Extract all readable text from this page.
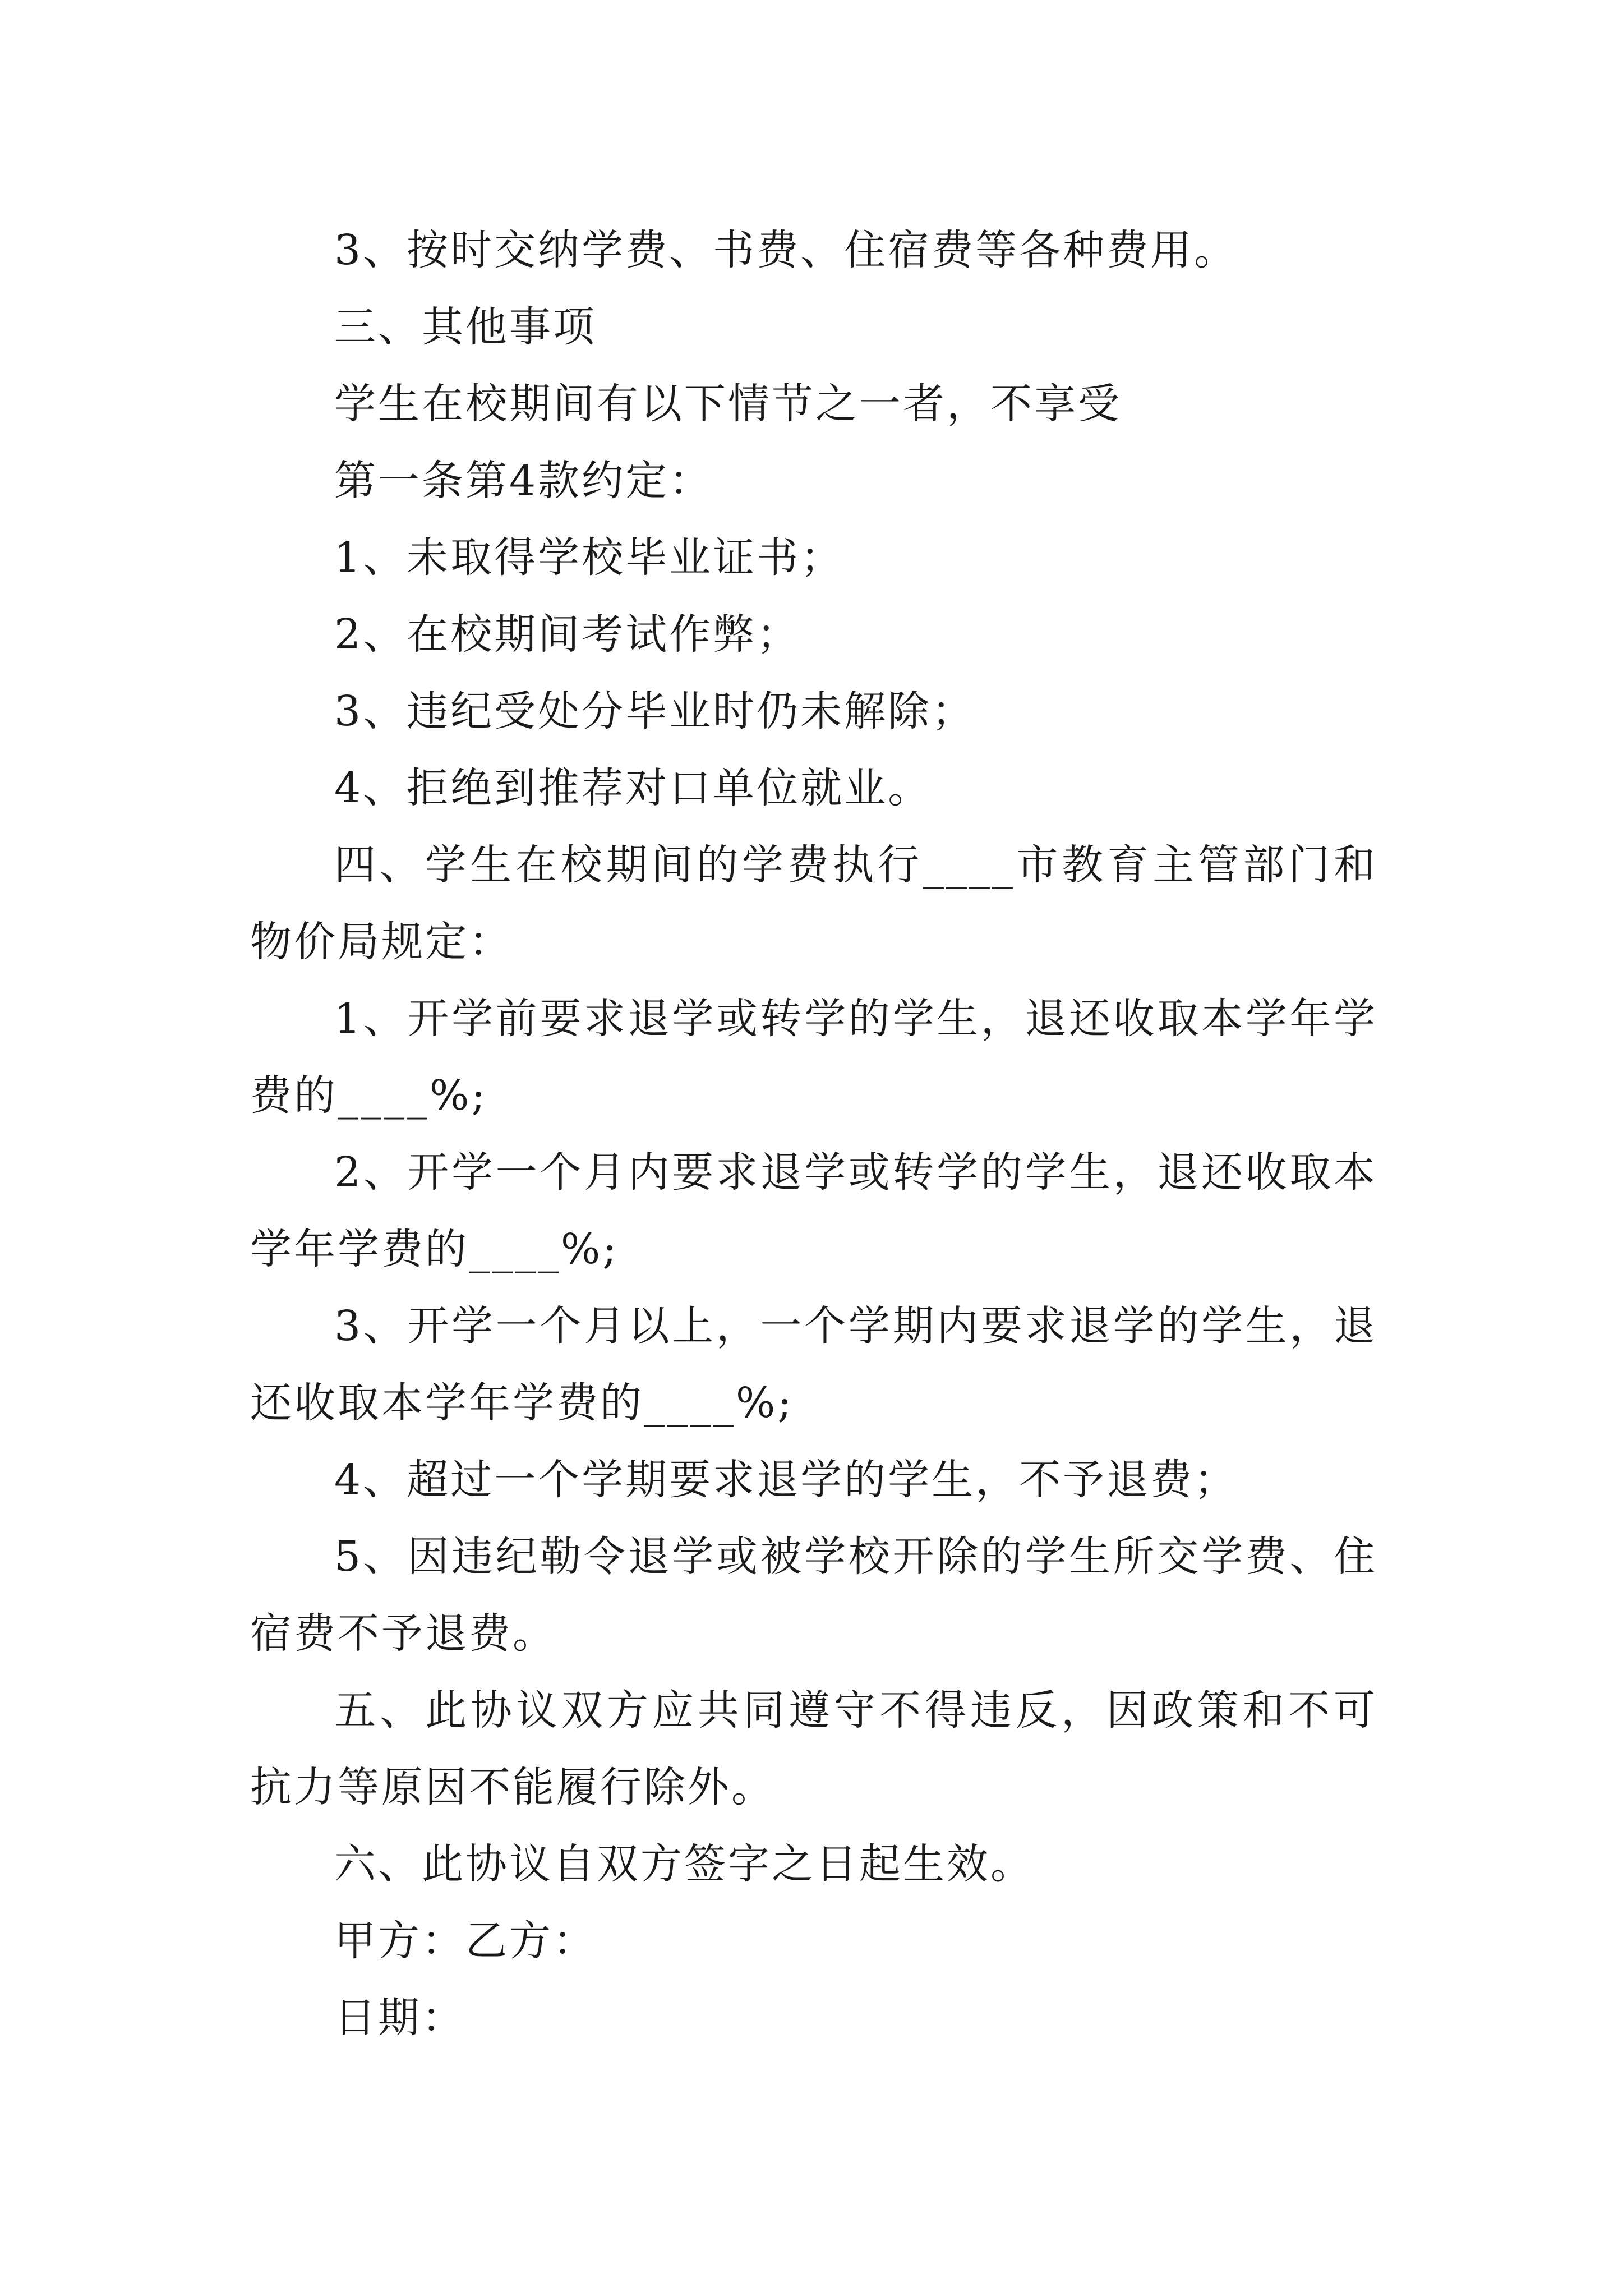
3、按时交纳学费、书费、住宿费等各种费用。

三、其他事项

学生在校期间有以下情节之一者，不享受

第一条第4款约定：

1、未取得学校毕业证书；

2、在校期间考试作弊；

3、违纪受处分毕业时仍未解除；

4、拒绝到推荐对口单位就业。

四、学生在校期间的学费执行____市教育主管部门和物价局规定：

1、开学前要求退学或转学的学生，退还收取本学年学费的____%;

2、开学一个月内要求退学或转学的学生，退还收取本学年学费的____%;

3、开学一个月以上，一个学期内要求退学的学生，退还收取本学年学费的____%;

4、超过一个学期要求退学的学生，不予退费；

5、因违纪勒令退学或被学校开除的学生所交学费、住宿费不予退费。

五、此协议双方应共同遵守不得违反，因政策和不可抗力等原因不能履行除外。

六、此协议自双方签字之日起生效。

甲方：乙方：

日期：
